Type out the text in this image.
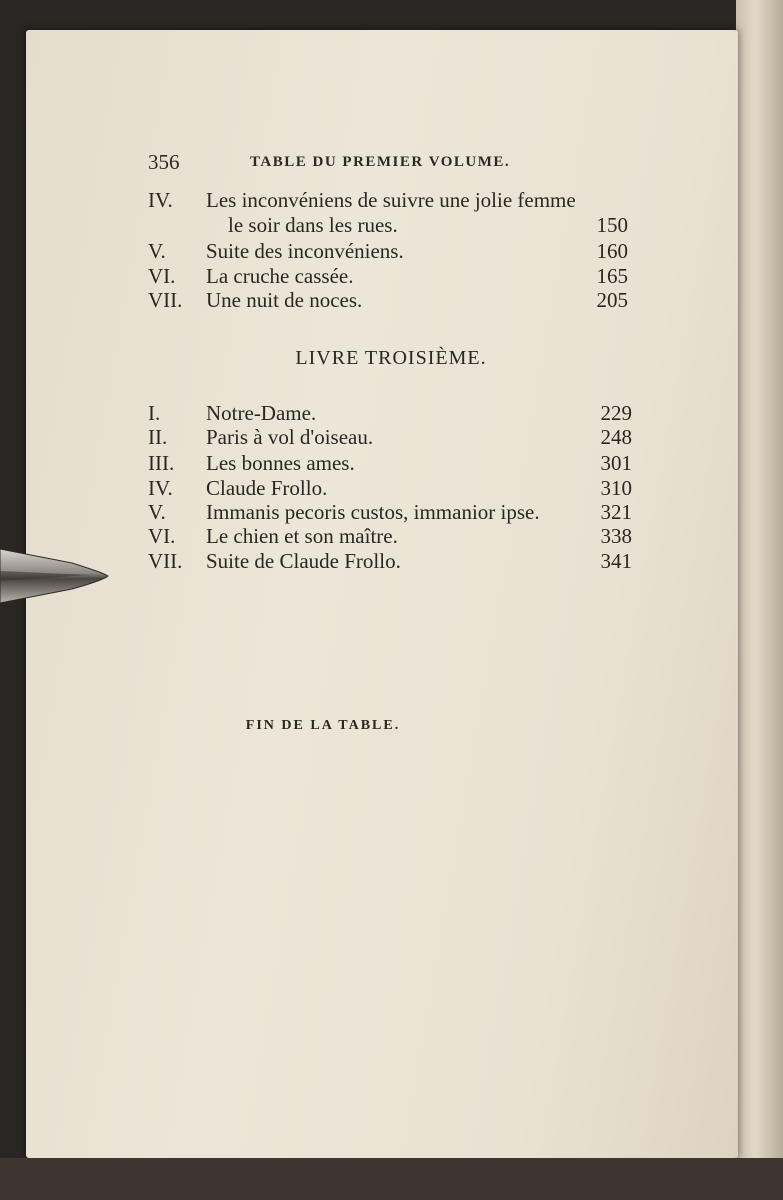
356	TABLE DU PREMIER VOLUME.
IV. Les inconvéniens de suivre une jolie femme
le soir dans les rues.	150
V. Suite des inconvéniens.	160
VI. La cruche cassée.	165
VII. Une nuit de noces.	205
LIVRE TROISIÈME.
I. Notre-Dame.	229
II. Paris à vol d'oiseau.	248
III. Les bonnes ames.	301
IV. Claude Frollo.	310
V. Immanis pecoris custos, immanior ipse.	321
VI. Le chien et son maître.	338
VII. Suite de Claude Frollo.	341
FIN DE LA TABLE.
